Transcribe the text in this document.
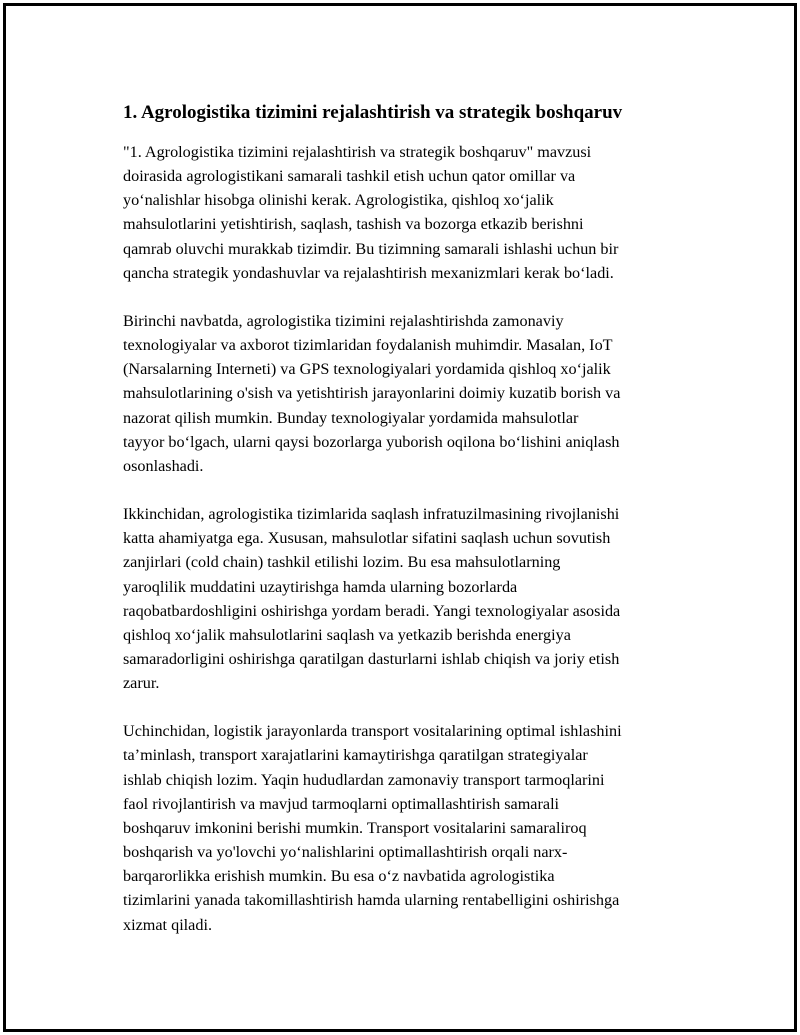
1. Agrologistika tizimini rejalashtirish va strategik boshqaruv

"1. Agrologistika tizimini rejalashtirish va strategik boshqaruv" mavzusi
doirasida agrologistikani samarali tashkil etish uchun qator omillar va
yo‘nalishlar hisobga olinishi kerak. Agrologistika, qishloq xo‘jalik
mahsulotlarini yetishtirish, saqlash, tashish va bozorga etkazib berishni
qamrab oluvchi murakkab tizimdir. Bu tizimning samarali ishlashi uchun bir
qancha strategik yondashuvlar va rejalashtirish mexanizmlari kerak bo‘ladi.

Birinchi navbatda, agrologistika tizimini rejalashtirishda zamonaviy
texnologiyalar va axborot tizimlaridan foydalanish muhimdir. Masalan, IoT
(Narsalarning Interneti) va GPS texnologiyalari yordamida qishloq xo‘jalik
mahsulotlarining o'sish va yetishtirish jarayonlarini doimiy kuzatib borish va
nazorat qilish mumkin. Bunday texnologiyalar yordamida mahsulotlar
tayyor bo‘lgach, ularni qaysi bozorlarga yuborish oqilona bo‘lishini aniqlash
osonlashadi.

Ikkinchidan, agrologistika tizimlarida saqlash infratuzilmasining rivojlanishi
katta ahamiyatga ega. Xususan, mahsulotlar sifatini saqlash uchun sovutish
zanjirlari (cold chain) tashkil etilishi lozim. Bu esa mahsulotlarning
yaroqlilik muddatini uzaytirishga hamda ularning bozorlarda
raqobatbardoshligini oshirishga yordam beradi. Yangi texnologiyalar asosida
qishloq xo‘jalik mahsulotlarini saqlash va yetkazib berishda energiya
samaradorligini oshirishga qaratilgan dasturlarni ishlab chiqish va joriy etish
zarur.

Uchinchidan, logistik jarayonlarda transport vositalarining optimal ishlashini
ta’minlash, transport xarajatlarini kamaytirishga qaratilgan strategiyalar
ishlab chiqish lozim. Yaqin hududlardan zamonaviy transport tarmoqlarini
faol rivojlantirish va mavjud tarmoqlarni optimallashtirish samarali
boshqaruv imkonini berishi mumkin. Transport vositalarini samaraliroq
boshqarish va yo'lovchi yo‘nalishlarini optimallashtirish orqali narx-
barqarorlikka erishish mumkin. Bu esa o‘z navbatida agrologistika
tizimlarini yanada takomillashtirish hamda ularning rentabelligini oshirishga
xizmat qiladi.
